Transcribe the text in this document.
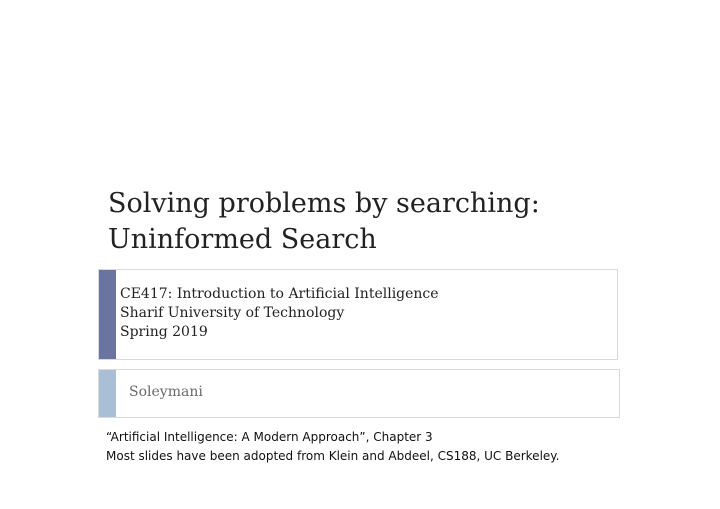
Solving problems by searching:
Uninformed Search
CE417: Introduction to Artificial Intelligence
Sharif University of Technology
Spring 2019
Soleymani
“Artificial Intelligence: A Modern Approach”, Chapter 3
Most slides have been adopted from Klein and Abdeel, CS188, UC Berkeley.
